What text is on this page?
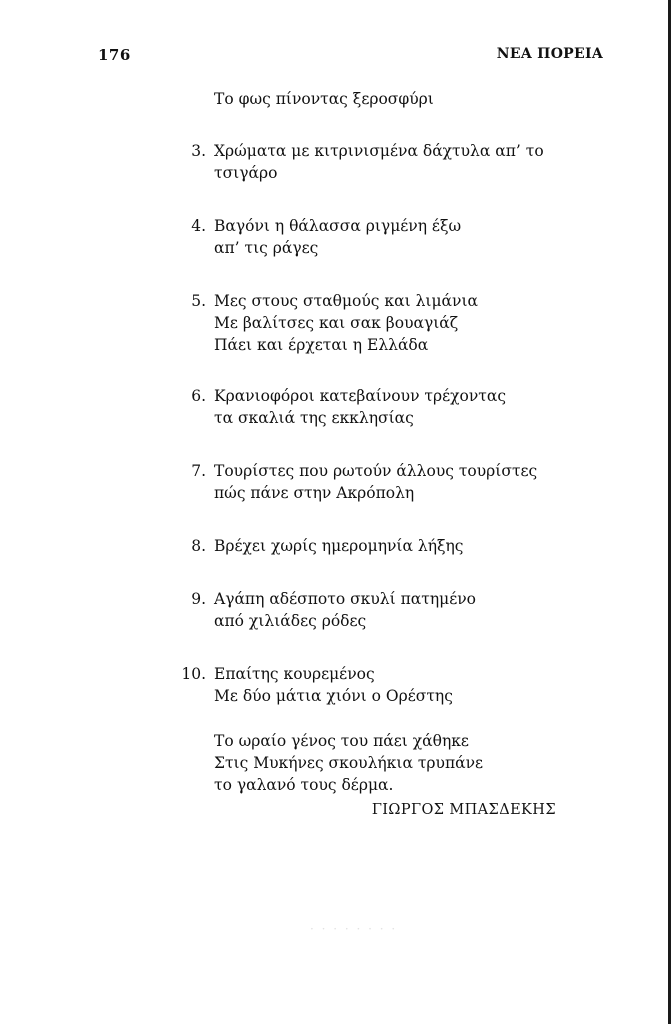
176	ΝΕΑ ΠΟΡΕΙΑ
Το φως πίνοντας ξεροσφύρι
3. Χρώματα με κιτρινισμένα δάχτυλα απ’ το
τσιγάρο
4. Βαγόνι η θάλασσα ριγμένη έξω
απ’ τις ράγες
5. Μες στους σταθμούς και λιμάνια
Με βαλίτσες και σακ βουαγιάζ
Πάει και έρχεται η Ελλάδα
6. Κρανιοφόροι κατεβαίνουν τρέχοντας
τα σκαλιά της εκκλησίας
7. Τουρίστες που ρωτούν άλλους τουρίστες
πώς πάνε στην Ακρόπολη
8. Βρέχει χωρίς ημερομηνία λήξης
9. Αγάπη αδέσποτο σκυλί πατημένο
από χιλιάδες ρόδες
10. Επαίτης κουρεμένος
Με δύο μάτια χιόνι ο Ορέστης
Το ωραίο γένος του πάει χάθηκε
Στις Μυκήνες σκουλήκια τρυπάνε
το γαλανό τους δέρμα.
ΓΙΩΡΓΟΣ ΜΠΑΣΔΕΚΗΣ
· · · · · · · ·
